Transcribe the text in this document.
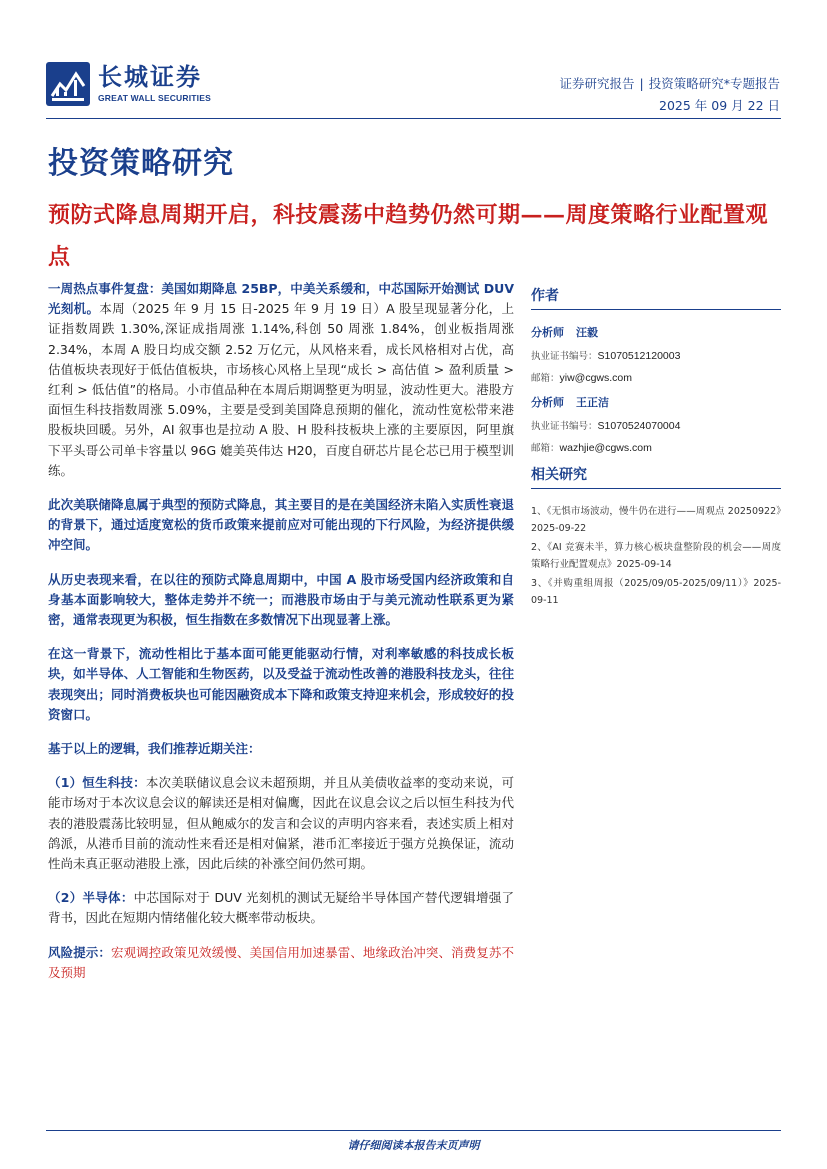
长城证券
GREAT WALL SECURITIES
证券研究报告 | 投资策略研究*专题报告
2025 年 09 月 22 日
投资策略研究
预防式降息周期开启，科技震荡中趋势仍然可期——周度策略行业配置观点

一周热点事件复盘：美国如期降息 25BP，中美关系缓和，中芯国际开始测试 DUV 光刻机。本周（2025 年 9 月 15 日-2025 年 9 月 19 日）A 股呈现显著分化，上证指数周跌 1.30%,深证成指周涨 1.14%,科创 50 周涨 1.84%，创业板指周涨 2.34%，本周 A 股日均成交额 2.52 万亿元，从风格来看，成长风格相对占优，高估值板块表现好于低估值板块，市场核心风格上呈现“成长 > 高估值 > 盈利质量 > 红利 > 低估值”的格局。小市值品种在本周后期调整更为明显，波动性更大。港股方面恒生科技指数周涨 5.09%，主要是受到美国降息预期的催化，流动性宽松带来港股板块回暖。另外，AI 叙事也是拉动 A 股、H 股科技板块上涨的主要原因，阿里旗下平头哥公司单卡容量以 96G 媲美英伟达 H20，百度自研芯片昆仑芯已用于模型训练。

此次美联储降息属于典型的预防式降息，其主要目的是在美国经济未陷入实质性衰退的背景下，通过适度宽松的货币政策来提前应对可能出现的下行风险，为经济提供缓冲空间。

从历史表现来看，在以往的预防式降息周期中，中国 A 股市场受国内经济政策和自身基本面影响较大，整体走势并不统一；而港股市场由于与美元流动性联系更为紧密，通常表现更为积极，恒生指数在多数情况下出现显著上涨。

在这一背景下，流动性相比于基本面可能更能驱动行情，对利率敏感的科技成长板块，如半导体、人工智能和生物医药，以及受益于流动性改善的港股科技龙头，往往表现突出；同时消费板块也可能因融资成本下降和政策支持迎来机会，形成较好的投资窗口。

基于以上的逻辑，我们推荐近期关注：

（1）恒生科技：本次美联储议息会议未超预期，并且从美债收益率的变动来说，可能市场对于本次议息会议的解读还是相对偏鹰，因此在议息会议之后以恒生科技为代表的港股震荡比较明显，但从鲍威尔的发言和会议的声明内容来看，表述实质上相对鸽派，从港币目前的流动性来看还是相对偏紧，港币汇率接近于强方兑换保证，流动性尚未真正驱动港股上涨，因此后续的补涨空间仍然可期。

（2）半导体：中芯国际对于 DUV 光刻机的测试无疑给半导体国产替代逻辑增强了背书，因此在短期内情绪催化较大概率带动板块。

风险提示：宏观调控政策见效缓慢、美国信用加速暴雷、地缘政治冲突、消费复苏不及预期

作者
分析师 汪毅
执业证书编号：S1070512120003
邮箱：yiw@cgws.com
分析师 王正洁
执业证书编号：S1070524070004
邮箱：wazhjie@cgws.com
相关研究
1、《无惧市场波动，慢牛仍在进行——周观点 20250922》2025-09-22
2、《AI 竞赛未半，算力核心板块盘整阶段的机会——周度策略行业配置观点》2025-09-14
3、《并购重组周报（2025/09/05-2025/09/11）》2025-09-11
请仔细阅读本报告末页声明
